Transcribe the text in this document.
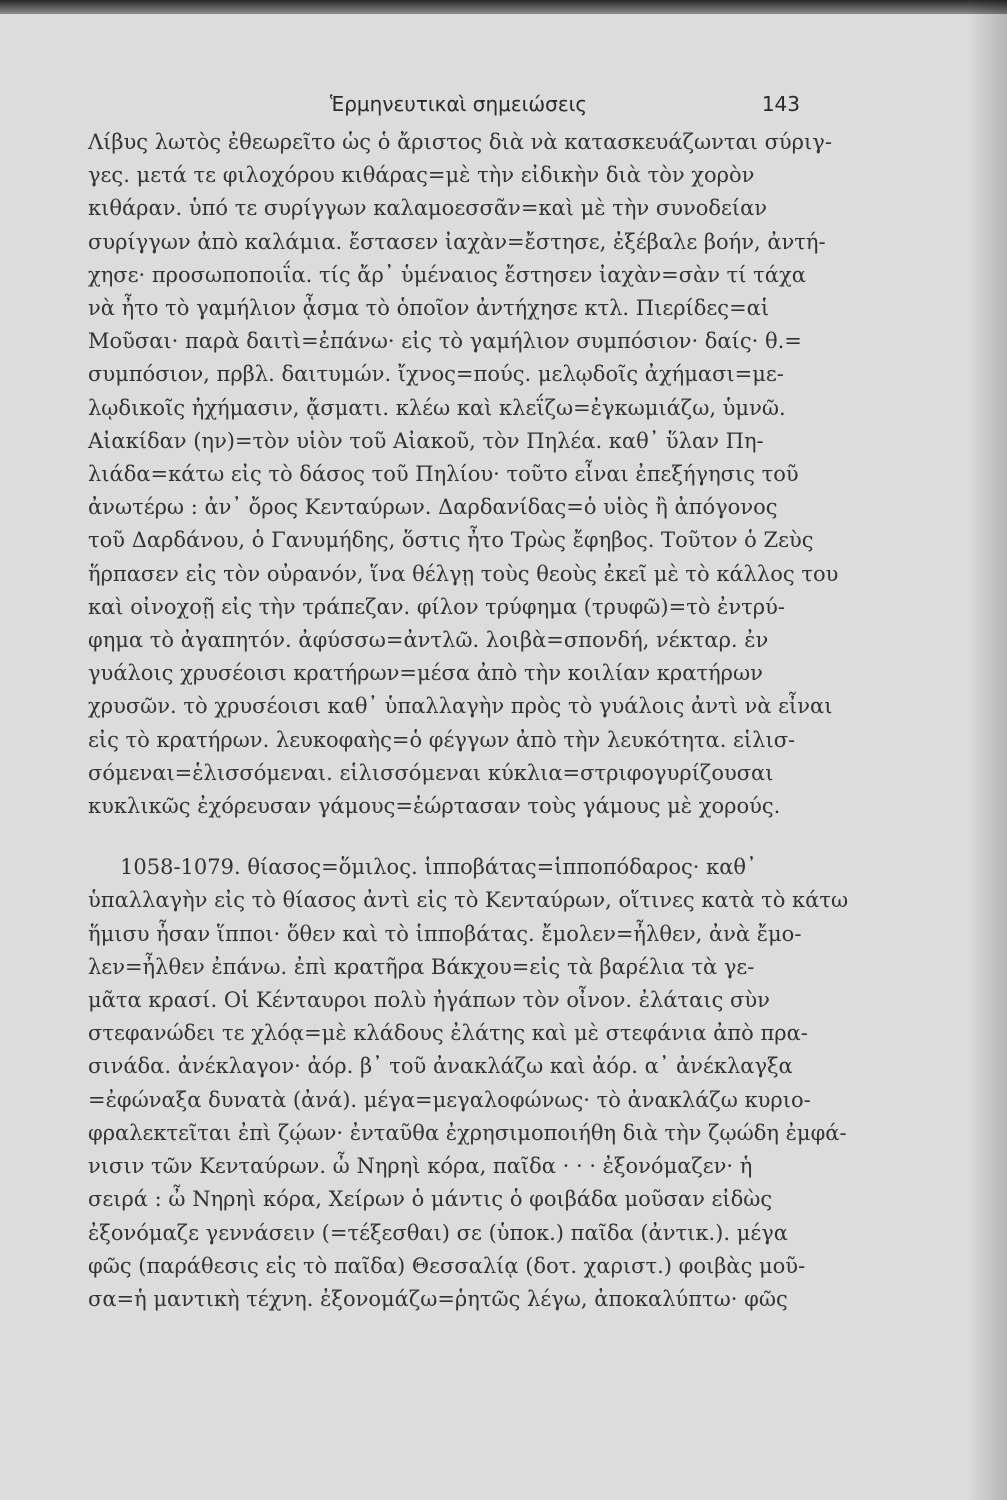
Ἑρμηνευτικαὶ σημειώσεις	143

Λίβυς λωτὸς ἐθεωρεῖτο ὡς ὁ ἄριστος διὰ νὰ κατασκευάζωνται σύριγ-
γες. μετά τε φιλοχόρου κιθάρας=μὲ τὴν εἰδικὴν διὰ τὸν χορὸν
κιθάραν. ὑπό τε συρίγγων καλαμοεσσᾶν=καὶ μὲ τὴν συνοδείαν
συρίγγων ἀπὸ καλάμια. ἔστασεν ἰαχὰν=ἔστησε, ἐξέβαλε βοήν, ἀντή-
χησε· προσωποποιΐα. τίς ἄρ᾽ ὑμέναιος ἔστησεν ἰαχὰν=σὰν τί τάχα
νὰ ἦτο τὸ γαμήλιον ᾆσμα τὸ ὁποῖον ἀντήχησε κτλ. Πιερίδες=αἱ
Μοῦσαι· παρὰ δαιτὶ=ἐπάνω· εἰς τὸ γαμήλιον συμπόσιον· δαίς· θ.=
συμπόσιον, πρβλ. δαιτυμών. ἴχνος=πούς. μελῳδοῖς ἀχήμασι=με-
λῳδικοῖς ἠχήμασιν, ᾄσματι. κλέω καὶ κλεΐζω=ἐγκωμιάζω, ὑμνῶ.
Αἰακίδαν (ην)=τὸν υἱὸν τοῦ Αἰακοῦ, τὸν Πηλέα. καθ᾽ ὕλαν Πη-
λιάδα=κάτω εἰς τὸ δάσος τοῦ Πηλίου· τοῦτο εἶναι ἐπεξήγησις τοῦ
ἀνωτέρω : ἀν᾽ ὄρος Κενταύρων. Δαρδανίδας=ὁ υἱὸς ἢ ἀπόγονος
τοῦ Δαρδάνου, ὁ Γανυμήδης, ὅστις ἦτο Τρὼς ἔφηβος. Τοῦτον ὁ Ζεὺς
ἥρπασεν εἰς τὸν οὐρανόν, ἵνα θέλγῃ τοὺς θεοὺς ἐκεῖ μὲ τὸ κάλλος του
καὶ οἰνοχοῇ εἰς τὴν τράπεζαν. φίλον τρύφημα (τρυφῶ)=τὸ ἐντρύ-
φημα τὸ ἀγαπητόν. ἀφύσσω=ἀντλῶ. λοιβὰ=σπονδή, νέκταρ. ἐν
γυάλοις χρυσέοισι κρατήρων=μέσα ἀπὸ τὴν κοιλίαν κρατήρων
χρυσῶν. τὸ χρυσέοισι καθ᾽ ὑπαλλαγὴν πρὸς τὸ γυάλοις ἀντὶ νὰ εἶναι
εἰς τὸ κρατήρων. λευκοφαὴς=ὁ φέγγων ἀπὸ τὴν λευκότητα. εἱλισ-
σόμεναι=ἑλισσόμεναι. εἱλισσόμεναι κύκλια=στριφογυρίζουσαι
κυκλικῶς ἐχόρευσαν γάμους=ἑώρτασαν τοὺς γάμους μὲ χορούς.

1058-1079. θίασος=ὅμιλος. ἱπποβάτας=ἱπποπόδαρος· καθ᾽
ὑπαλλαγὴν εἰς τὸ θίασος ἀντὶ εἰς τὸ Κενταύρων, οἵτινες κατὰ τὸ κάτω
ἥμισυ ἦσαν ἵπποι· ὅθεν καὶ τὸ ἱπποβάτας. ἔμολεν=ἦλθεν, ἀνὰ ἔμο-
λεν=ἦλθεν ἐπάνω. ἐπὶ κρατῆρα Βάκχου=εἰς τὰ βαρέλια τὰ γε-
μᾶτα κρασί. Οἱ Κένταυροι πολὺ ἠγάπων τὸν οἶνον. ἐλάταις σὺν
στεφανώδει τε χλόᾳ=μὲ κλάδους ἐλάτης καὶ μὲ στεφάνια ἀπὸ πρα-
σινάδα. ἀνέκλαγον· ἀόρ. β᾽ τοῦ ἀνακλάζω καὶ ἀόρ. α᾽ ἀνέκλαγξα
=ἐφώναξα δυνατὰ (ἀνά). μέγα=μεγαλοφώνως· τὸ ἀνακλάζω κυριο-
φραλεκτεῖται ἐπὶ ζῴων· ἐνταῦθα ἐχρησιμοποιήθη διὰ τὴν ζῳώδη ἐμφά-
νισιν τῶν Κενταύρων. ὦ Νηρηὶ κόρα, παῖδα · · · ἐξονόμαζεν· ἡ
σειρά : ὦ Νηρηὶ κόρα, Χείρων ὁ μάντις ὁ φοιβάδα μοῦσαν εἰδὼς
ἐξονόμαζε γεννάσειν (=τέξεσθαι) σε (ὑποκ.) παῖδα (ἀντικ.). μέγα
φῶς (παράθεσις εἰς τὸ παῖδα) Θεσσαλίᾳ (δοτ. χαριστ.) φοιβὰς μοῦ-
σα=ἡ μαντικὴ τέχνη. ἐξονομάζω=ῥητῶς λέγω, ἀποκαλύπτω· φῶς
